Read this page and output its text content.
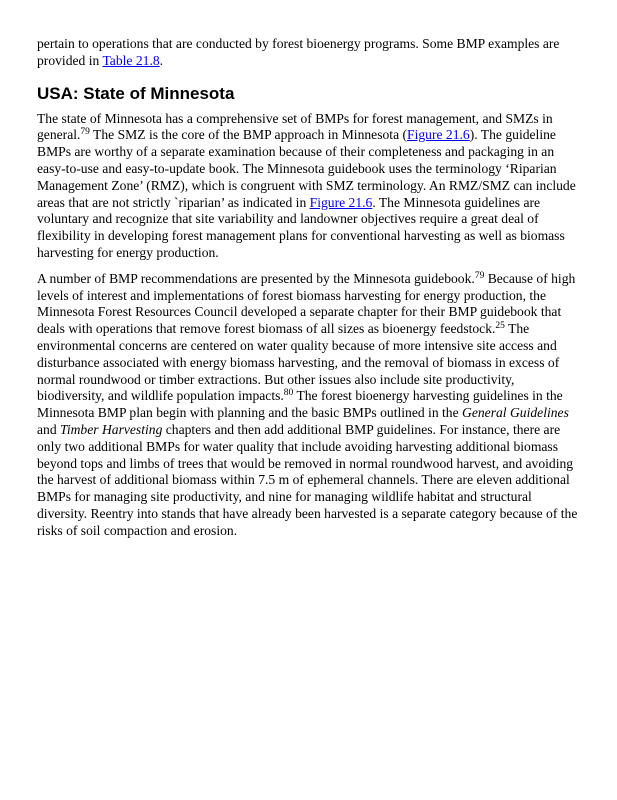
pertain to operations that are conducted by forest bioenergy programs. Some BMP examples are provided in Table 21.8.

USA: State of Minnesota

The state of Minnesota has a comprehensive set of BMPs for forest management, and SMZs in general.$^{79}$ The SMZ is the core of the BMP approach in Minnesota (Figure 21.6). The guideline BMPs are worthy of a separate examination because of their completeness and packaging in an easy-to-use and easy-to-update book. The Minnesota guidebook uses the terminology ‘Riparian Management Zone’ (RMZ), which is congruent with SMZ terminology. An RMZ/SMZ can include areas that are not strictly `riparian’ as indicated in Figure 21.6. The Minnesota guidelines are voluntary and recognize that site variability and landowner objectives require a great deal of flexibility in developing forest management plans for conventional harvesting as well as biomass harvesting for energy production.

A number of BMP recommendations are presented by the Minnesota guidebook.$^{79}$ Because of high levels of interest and implementations of forest biomass harvesting for energy production, the Minnesota Forest Resources Council developed a separate chapter for their BMP guidebook that deals with operations that remove forest biomass of all sizes as bioenergy feedstock.$^{25}$ The environmental concerns are centered on water quality because of more intensive site access and disturbance associated with energy biomass harvesting, and the removal of biomass in excess of normal roundwood or timber extractions. But other issues also include site productivity, biodiversity, and wildlife population impacts.$^{80}$ The forest bioenergy harvesting guidelines in the Minnesota BMP plan begin with planning and the basic BMPs outlined in the General Guidelines and Timber Harvesting chapters and then add additional BMP guidelines. For instance, there are only two additional BMPs for water quality that include avoiding harvesting additional biomass beyond tops and limbs of trees that would be removed in normal roundwood harvest, and avoiding the harvest of additional biomass within 7.5 m of ephemeral channels. There are eleven additional BMPs for managing site productivity, and nine for managing wildlife habitat and structural diversity. Reentry into stands that have already been harvested is a separate category because of the risks of soil compaction and erosion.
